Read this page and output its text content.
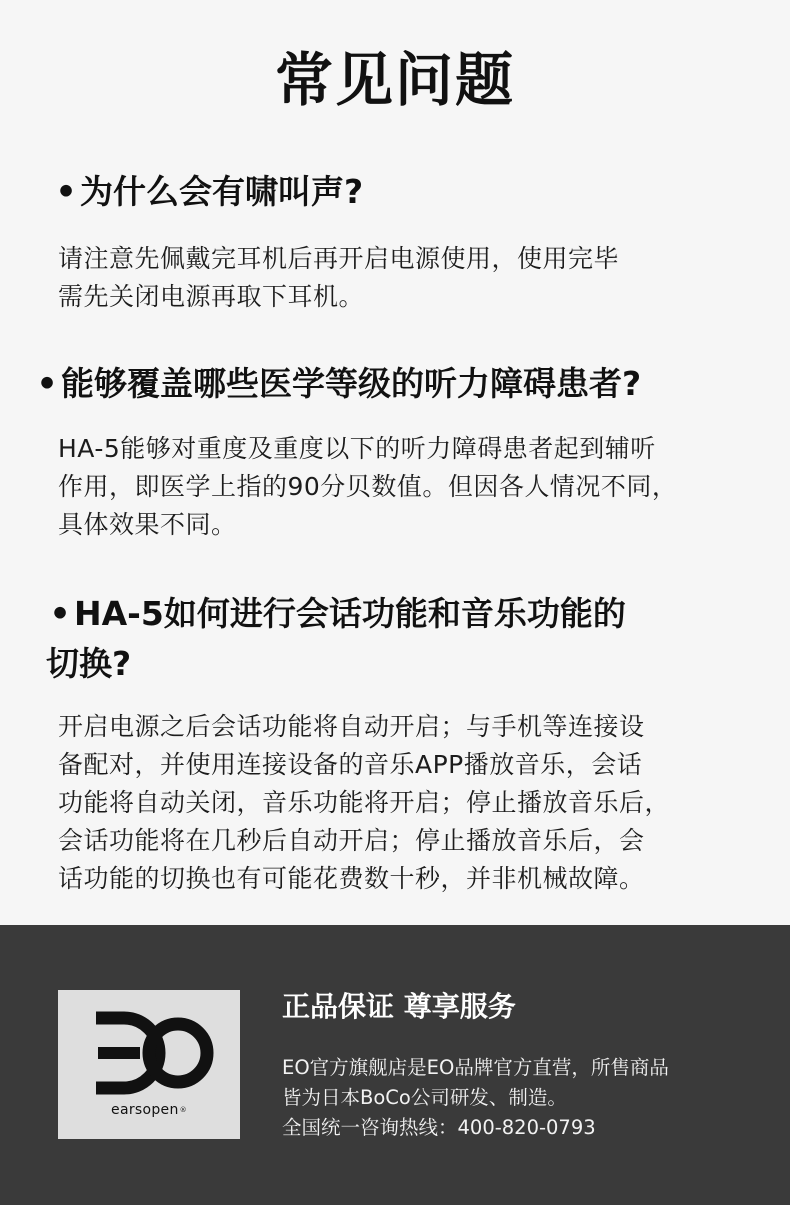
常见问题
• 为什么会有啸叫声?

请注意先佩戴完耳机后再开启电源使用，使用完毕
需先关闭电源再取下耳机。

• 能够覆盖哪些医学等级的听力障碍患者?

HA-5能够对重度及重度以下的听力障碍患者起到辅听
作用，即医学上指的90分贝数值。但因各人情况不同，
具体效果不同。

• HA-5如何进行会话功能和音乐功能的
切换?

开启电源之后会话功能将自动开启；与手机等连接设
备配对，并使用连接设备的音乐APP播放音乐，会话
功能将自动关闭，音乐功能将开启；停止播放音乐后，
会话功能将在几秒后自动开启；停止播放音乐后，会
话功能的切换也有可能花费数十秒，并非机械故障。

earsopen®
正品保证 尊享服务

EO官方旗舰店是EO品牌官方直营，所售商品
皆为日本BoCo公司研发、制造。
全国统一咨询热线：400-820-0793
